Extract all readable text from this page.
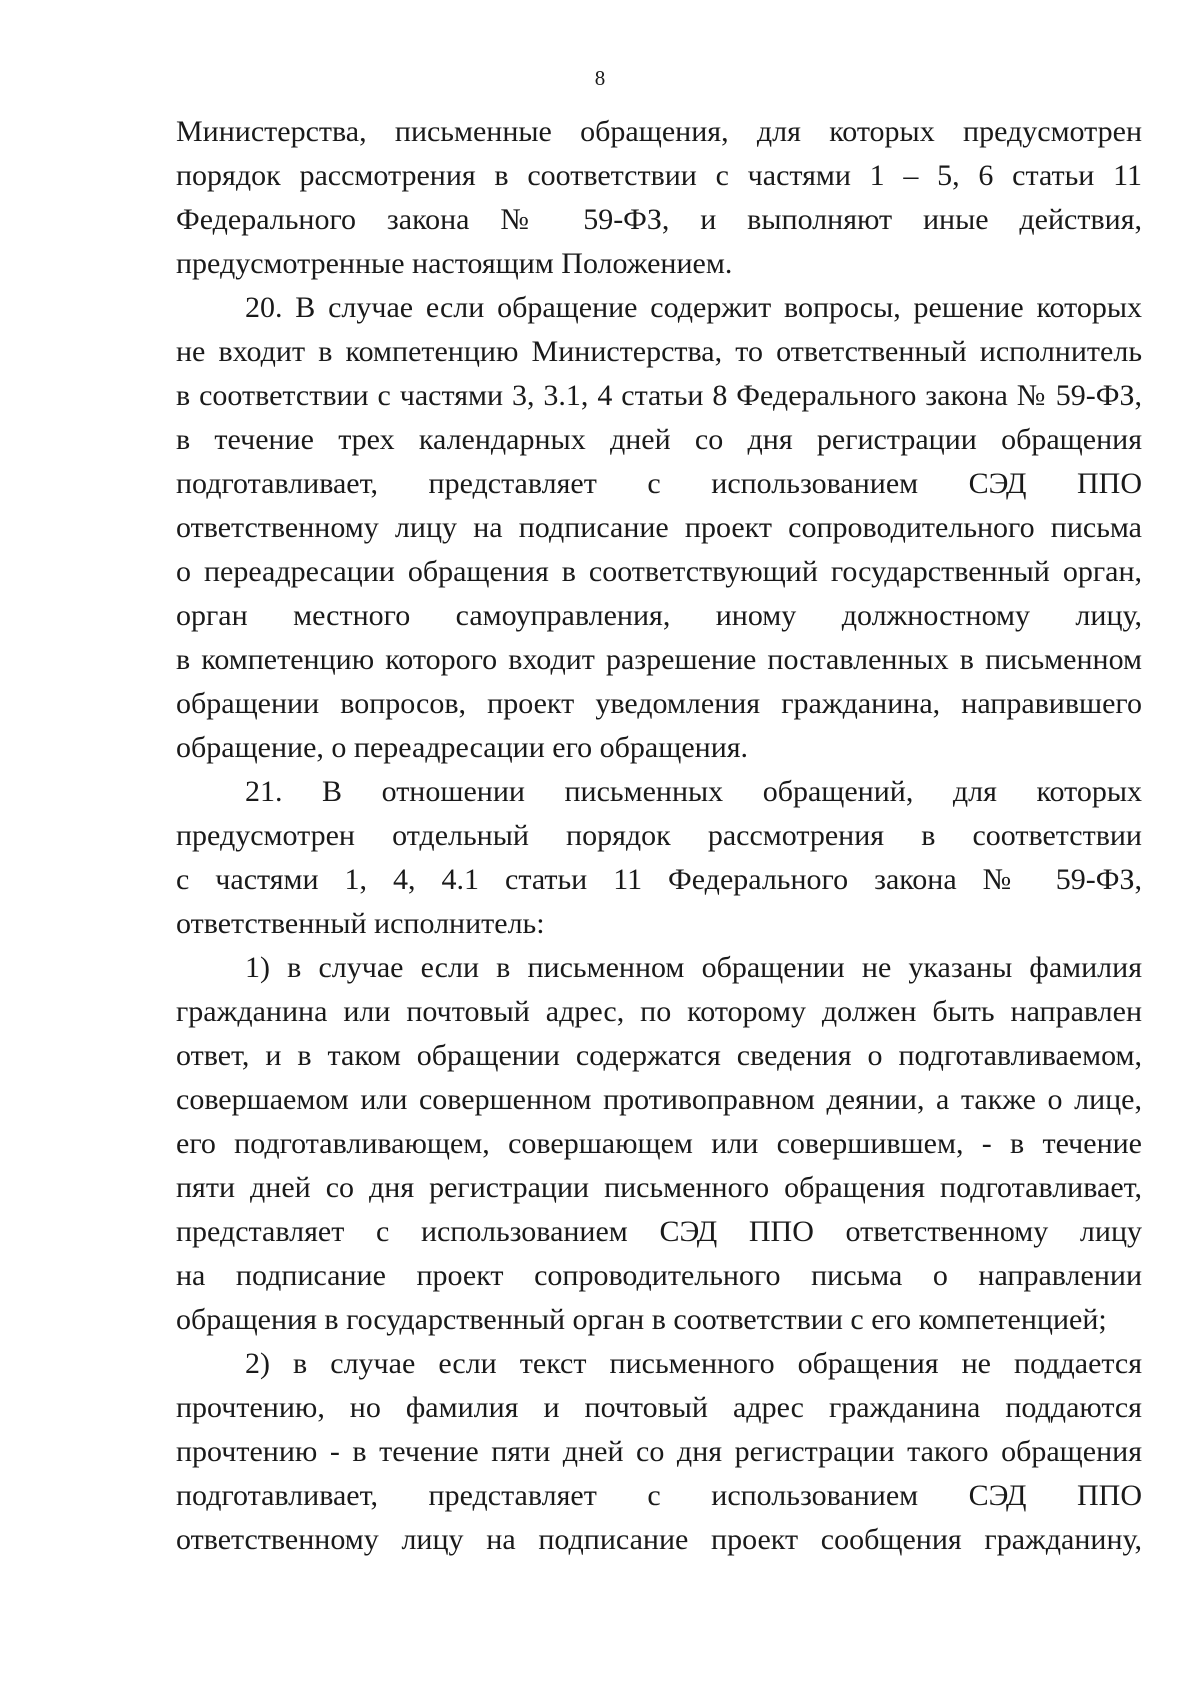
8

Министерства, письменные обращения, для которых предусмотрен

порядок рассмотрения в соответствии с частями 1 – 5, 6 статьи 11

Федерального закона № 59-ФЗ, и выполняют иные действия,

предусмотренные настоящим Положением.

20. В случае если обращение содержит вопросы, решение которых

не входит в компетенцию Министерства, то ответственный исполнитель

в соответствии с частями 3, 3.1, 4 статьи 8 Федерального закона № 59-ФЗ,

в течение трех календарных дней со дня регистрации обращения

подготавливает, представляет с использованием СЭД ППО

ответственному лицу на подписание проект сопроводительного письма

о переадресации обращения в соответствующий государственный орган,

орган местного самоуправления, иному должностному лицу,

в компетенцию которого входит разрешение поставленных в письменном

обращении вопросов, проект уведомления гражданина, направившего

обращение, о переадресации его обращения.

21. В отношении письменных обращений, для которых

предусмотрен отдельный порядок рассмотрения в соответствии

с частями 1, 4, 4.1 статьи 11 Федерального закона № 59-ФЗ,

ответственный исполнитель:

1) в случае если в письменном обращении не указаны фамилия

гражданина или почтовый адрес, по которому должен быть направлен

ответ, и в таком обращении содержатся сведения о подготавливаемом,

совершаемом или совершенном противоправном деянии, а также о лице,

его подготавливающем, совершающем или совершившем, - в течение

пяти дней со дня регистрации письменного обращения подготавливает,

представляет с использованием СЭД ППО ответственному лицу

на подписание проект сопроводительного письма о направлении

обращения в государственный орган в соответствии с его компетенцией;

2) в случае если текст письменного обращения не поддается

прочтению, но фамилия и почтовый адрес гражданина поддаются

прочтению - в течение пяти дней со дня регистрации такого обращения

подготавливает, представляет с использованием СЭД ППО

ответственному лицу на подписание проект сообщения гражданину,
